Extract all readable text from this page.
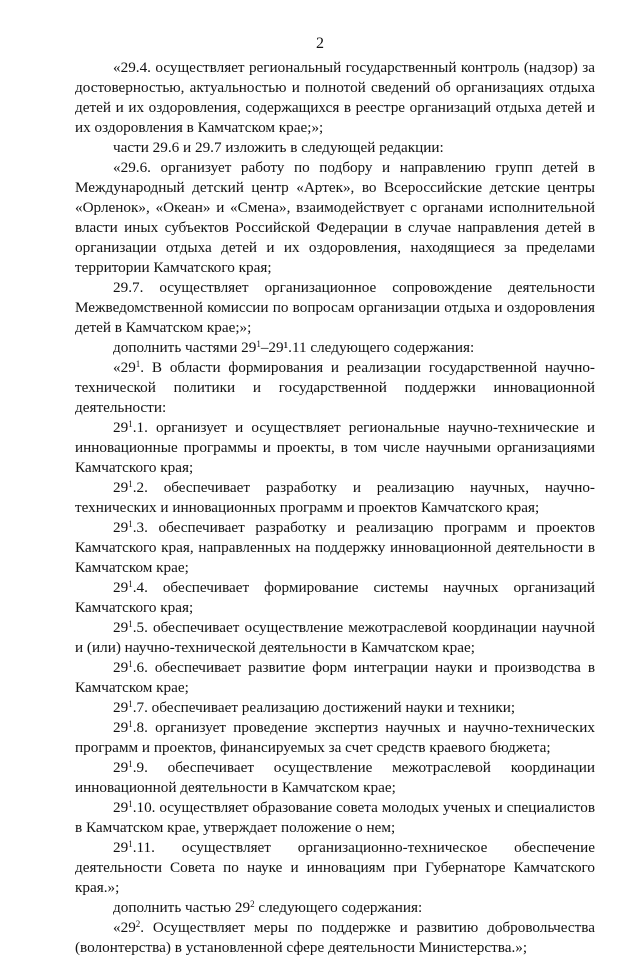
2

«29.4. осуществляет региональный государственный контроль (надзор) за достоверностью, актуальностью и полнотой сведений об организациях отдыха детей и их оздоровления, содержащихся в реестре организаций отдыха детей и их оздоровления в Камчатском крае;»;

части 29.6 и 29.7 изложить в следующей редакции:

«29.6. организует работу по подбору и направлению групп детей в Международный детский центр «Артек», во Всероссийские детские центры «Орленок», «Океан» и «Смена», взаимодействует с органами исполнительной власти иных субъектов Российской Федерации в случае направления детей в организации отдыха детей и их оздоровления, находящиеся за пределами территории Камчатского края;

29.7. осуществляет организационное сопровождение деятельности Межведомственной комиссии по вопросам организации отдыха и оздоровления детей в Камчатском крае;»;

дополнить частями $29^1-29^1.11$ следующего содержания:

«$29^1$. В области формирования и реализации государственной научно-технической политики и государственной поддержки инновационной деятельности:

$29^1.1$. организует и осуществляет региональные научно-технические и инновационные программы и проекты, в том числе научными организациями Камчатского края;

$29^1.2$. обеспечивает разработку и реализацию научных, научно-технических и инновационных программ и проектов Камчатского края;

$29^1.3$. обеспечивает разработку и реализацию программ и проектов Камчатского края, направленных на поддержку инновационной деятельности в Камчатском крае;

$29^1.4$. обеспечивает формирование системы научных организаций Камчатского края;

$29^1.5$. обеспечивает осуществление межотраслевой координации научной и (или) научно-технической деятельности в Камчатском крае;

$29^1.6$. обеспечивает развитие форм интеграции науки и производства в Камчатском крае;

$29^1.7$. обеспечивает реализацию достижений науки и техники;

$29^1.8$. организует проведение экспертиз научных и научно-технических программ и проектов, финансируемых за счет средств краевого бюджета;

$29^1.9$. обеспечивает осуществление межотраслевой координации инновационной деятельности в Камчатском крае;

$29^1.10$. осуществляет образование совета молодых ученых и специалистов в Камчатском крае, утверждает положение о нем;

$29^1.11$. осуществляет организационно-техническое обеспечение деятельности Совета по науке и инновациям при Губернаторе Камчатского края.»;

дополнить частью $29^2$ следующего содержания:

«$29^2$. Осуществляет меры по поддержке и развитию добровольчества (волонтерства) в установленной сфере деятельности Министерства.»;
